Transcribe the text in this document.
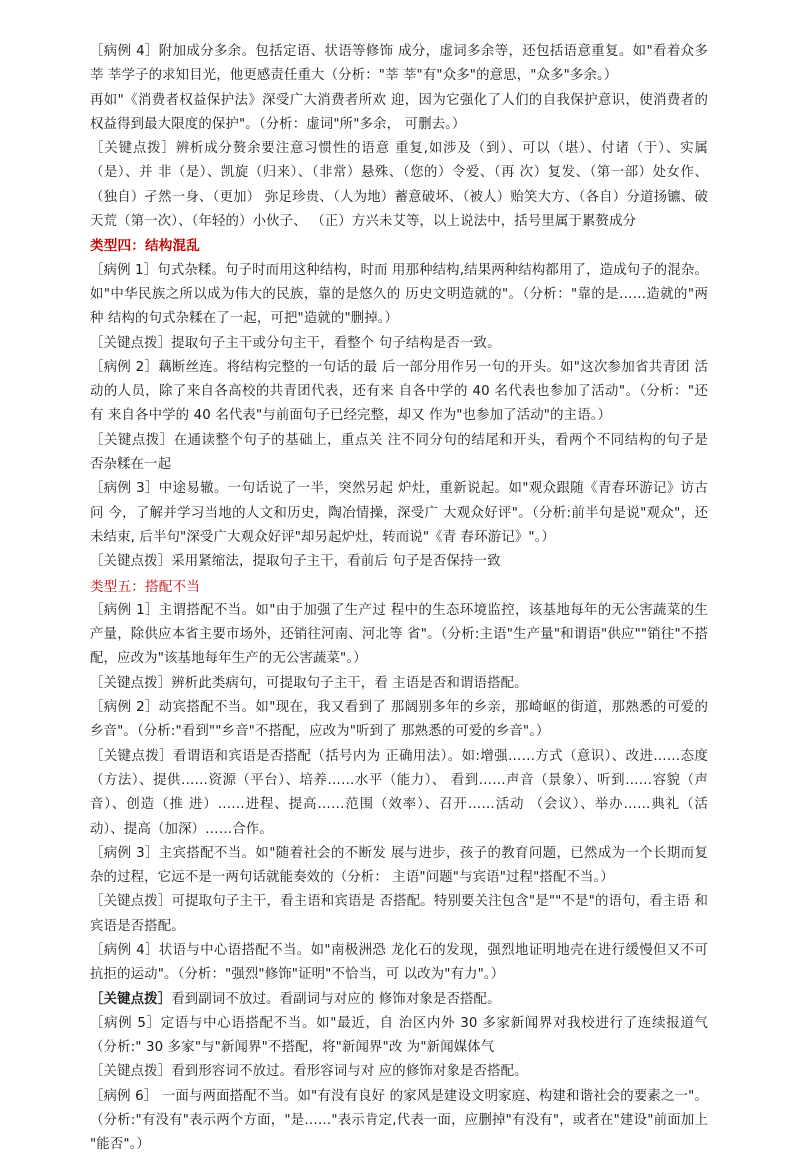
［病例 4］附加成分多余。包括定语、状语等修饰 成分，虚词多余等，还包括语意重复。如"看着众多莘 莘学子的求知目光，他更感责任重大（分析："莘 莘"有"众多"的意思，"众多"多余。）

再如"《消费者权益保护法》深受广大消费者所欢 迎，因为它强化了人们的自我保护意识，使消费者的 权益得到最大限度的保护"。（分析：虚词"所"多余， 可删去。）

［关键点拨］辨析成分赘余要注意习惯性的语意 重复,如涉及（到）、可以（堪）、付诸（于）、实属（是）、并 非（是）、凯旋（归来）、（非常）悬殊、（您的）令爱、（再 次）复发、（第一部）处女作、（独自）孑然一身、（更加） 弥足珍贵、（人为地）蓄意破坏、（被人）贻笑大方、（各自）分道扬镳、破天荒（第一次）、（年轻的）小伙子、 （正）方兴未艾等，以上说法中，括号里属于累赘成分

类型四：结构混乱

［病例 1］句式杂糅。句子时而用这种结构，时而 用那种结构,结果两种结构都用了，造成句子的混杂。 如"中华民族之所以成为伟大的民族，靠的是悠久的 历史文明造就的"。（分析："靠的是……造就的"两种 结构的句式杂糅在了一起，可把"造就的"删掉。）

［关键点拨］提取句子主干或分句主干，看整个 句子结构是否一致。

［病例 2］藕断丝连。将结构完整的一句话的最 后一部分用作另一句的开头。如"这次参加省共青团 活动的人员，除了来自各高校的共青团代表，还有来 自各中学的 40 名代表也参加了活动"。（分析："还有 来自各中学的 40 名代表"与前面句子已经完整，却又 作为"也参加了活动"的主语。）

［关键点拨］在通读整个句子的基础上，重点关 注不同分句的结尾和开头，看两个不同结构的句子是 否杂糅在一起

［病例 3］中途易辙。一句话说了一半，突然另起 炉灶，重新说起。如"观众跟随《青春环游记》访古问 今，了解并学习当地的人文和历史，陶冶情操，深受广 大观众好评"。（分析:前半句是说"观众"，还未结束, 后半句"深受广大观众好评"却另起炉灶，转而说"《青 春环游记》"。）

［关键点拨］采用紧缩法，提取句子主干，看前后 句子是否保持一致

类型五：搭配不当

［病例 1］主谓搭配不当。如"由于加强了生产过 程中的生态环境监控，该基地每年的无公害蔬菜的生 产量，除供应本省主要市场外，还销往河南、河北等 省"。（分析:主语"生产量"和谓语"供应""销往"不搭 配，应改为"该基地每年生产的无公害蔬菜"。）

［关键点拨］辨析此类病句，可提取句子主干，看 主语是否和谓语搭配。

［病例 2］动宾搭配不当。如"现在，我又看到了 那阔别多年的乡亲，那崎岖的街道，那熟悉的可爱的 乡音"。（分析:"看到""乡音"不搭配，应改为"听到了 那熟悉的可爱的乡音"。）

［关键点拨］看谓语和宾语是否搭配（括号内为 正确用法）。如:增强……方式（意识）、改进……态度 （方法）、提供……资源（平台）、培养……水平（能力）、 看到……声音（景象）、听到……容貌（声音）、创造（推 进）……进程、提高……范围（效率）、召开……活动 （会议）、举办……典礼（活动）、提高（加深）……合作。

［病例 3］主宾搭配不当。如"随着社会的不断发 展与进步，孩子的教育问题，已然成为一个长期而复 杂的过程，它远不是一两句话就能奏效的（分析： 主语"问题"与宾语"过程"搭配不当。）

［关键点拨］可提取句子主干，看主语和宾语是 否搭配。特别要关注包含"是""不是"的语句，看主语 和宾语是否搭配。

［病例 4］状语与中心语搭配不当。如"南极洲恐 龙化石的发现，强烈地证明地壳在进行缓慢但又不可 抗拒的运动"。（分析："强烈"修饰"证明"不恰当，可 以改为"有力"。）

［关键点拨］看到副词不放过。看副词与对应的 修饰对象是否搭配。

［病例 5］定语与中心语搭配不当。如"最近，自 治区内外 30 多家新闻界对我校进行了连续报道气（分析:" 30 多家"与"新闻界"不搭配，将"新闻界"改 为"新闻媒体气

［关键点拨］看到形容词不放过。看形容词与对 应的修饰对象是否搭配。

［病例 6］ 一面与两面搭配不当。如"有没有良好 的家风是建设文明家庭、构建和谐社会的要素之一"。（分析:"有没有"表示两个方面，"是……"表示肯定,代表一面，应删掉"有没有"，或者在"建设"前面加上 "能否"。）
